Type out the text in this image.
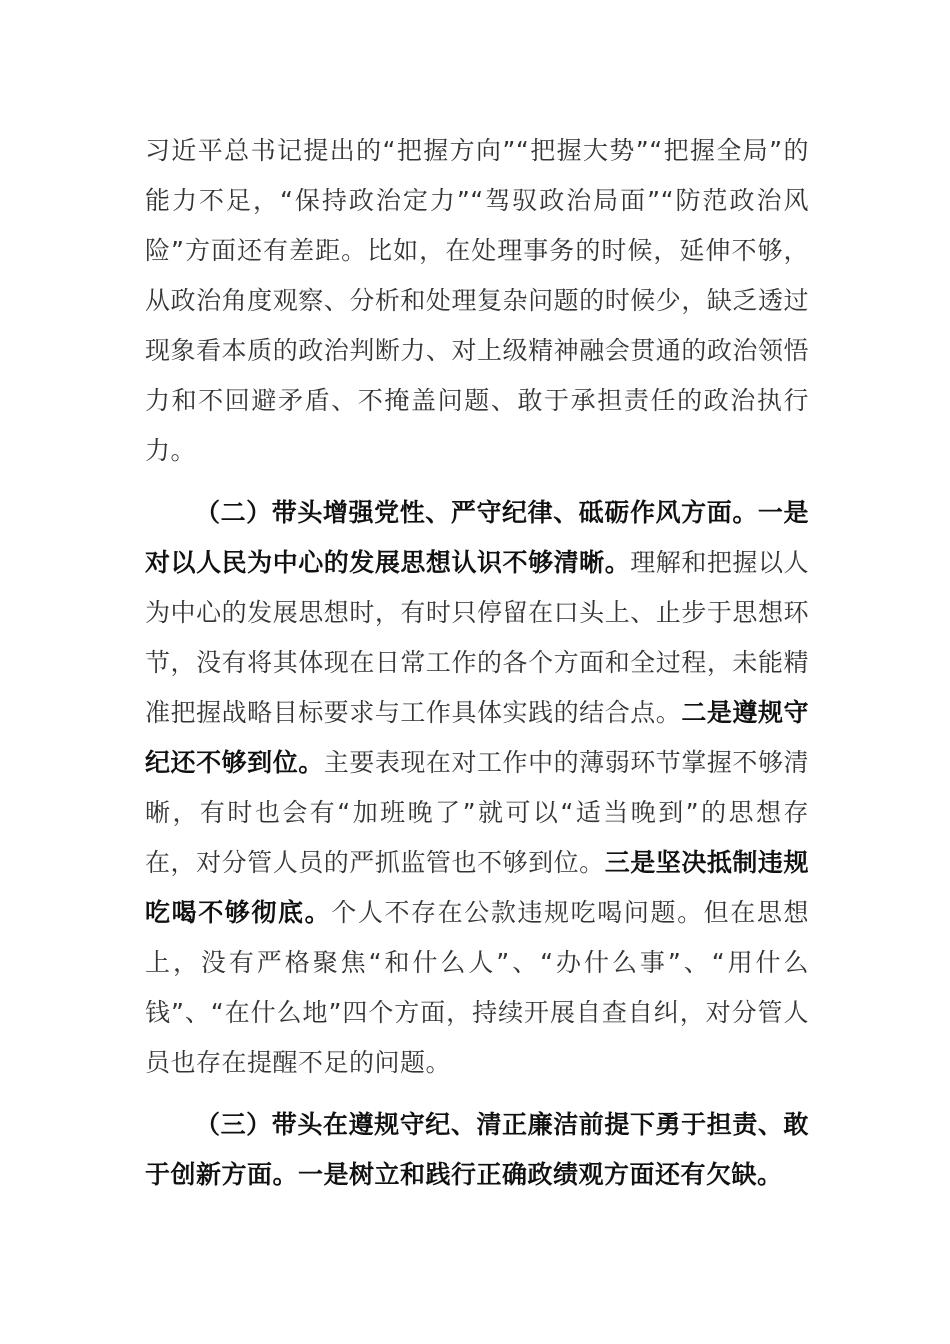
习近平总书记提出的“把握方向”“把握大势”“把握全局”的能力不足，“保持政治定力”“驾驭政治局面”“防范政治风险”方面还有差距。比如，在处理事务的时候，延伸不够，从政治角度观察、分析和处理复杂问题的时候少，缺乏透过现象看本质的政治判断力、对上级精神融会贯通的政治领悟力和不回避矛盾、不掩盖问题、敢于承担责任的政治执行力。

（二）带头增强党性、严守纪律、砥砺作风方面。一是对以人民为中心的发展思想认识不够清晰。理解和把握以人为中心的发展思想时，有时只停留在口头上、止步于思想环节，没有将其体现在日常工作的各个方面和全过程，未能精准把握战略目标要求与工作具体实践的结合点。二是遵规守纪还不够到位。主要表现在对工作中的薄弱环节掌握不够清晰，有时也会有“加班晚了”就可以“适当晚到”的思想存在，对分管人员的严抓监管也不够到位。三是坚决抵制违规吃喝不够彻底。个人不存在公款违规吃喝问题。但在思想上，没有严格聚焦“和什么人”、“办什么事”、“用什么钱”、“在什么地”四个方面，持续开展自查自纠，对分管人员也存在提醒不足的问题。

（三）带头在遵规守纪、清正廉洁前提下勇于担责、敢于创新方面。一是树立和践行正确政绩观方面还有欠缺。
